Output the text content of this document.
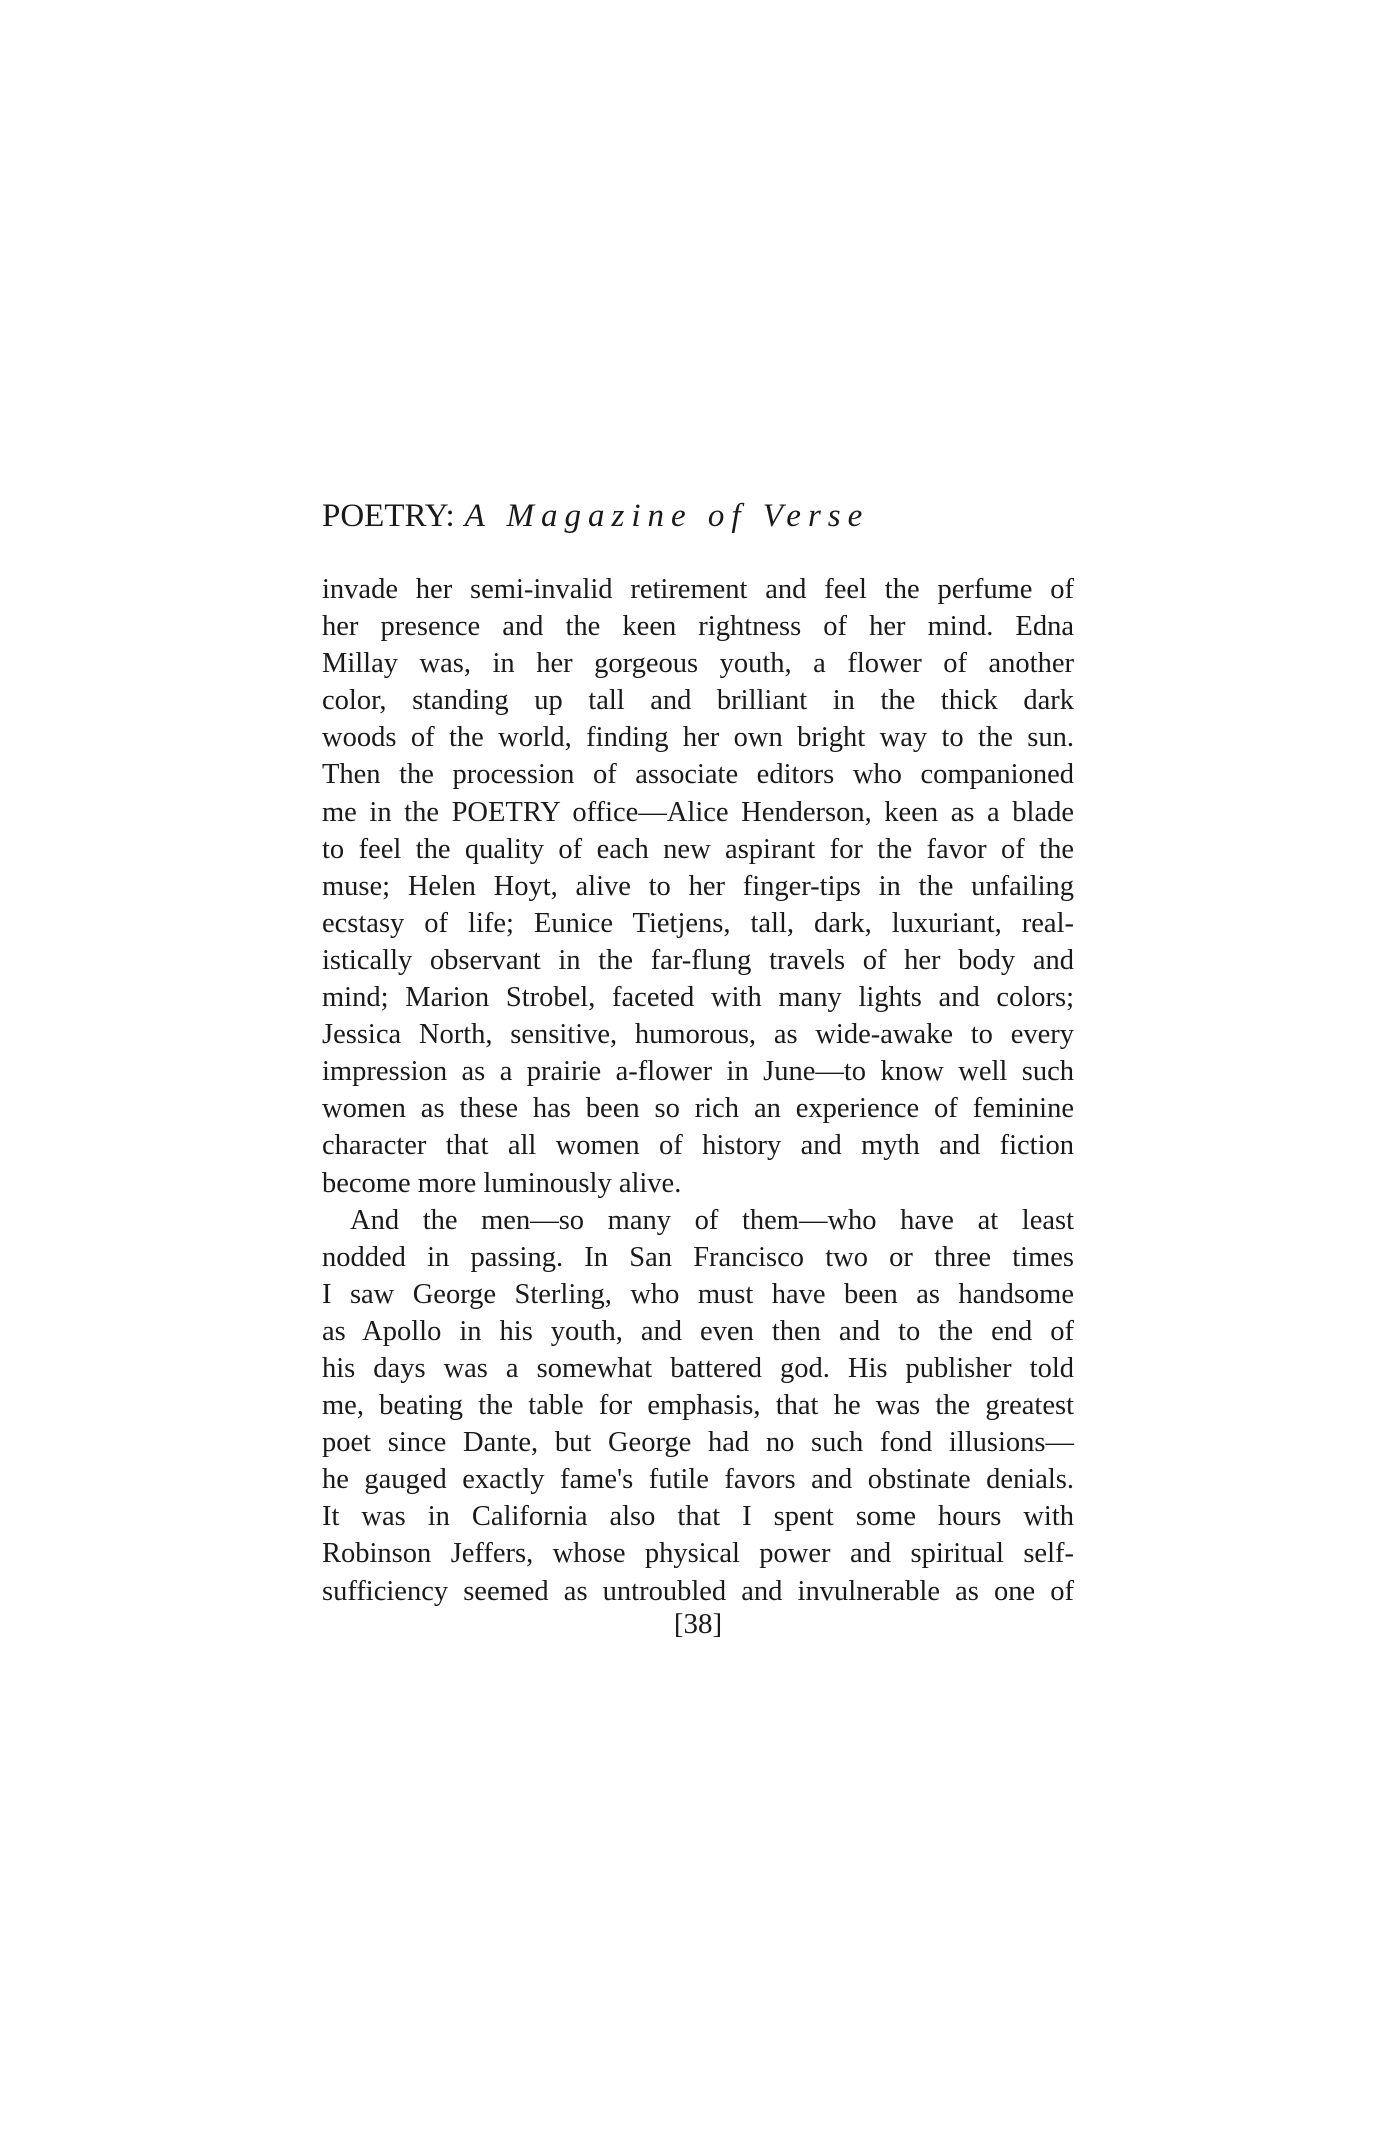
POETRY: A Magazine of Verse
invade her semi-invalid retirement and feel the perfume of
her presence and the keen rightness of her mind. Edna
Millay was, in her gorgeous youth, a flower of another
color, standing up tall and brilliant in the thick dark
woods of the world, finding her own bright way to the sun.
Then the procession of associate editors who companioned
me in the POETRY office—Alice Henderson, keen as a blade
to feel the quality of each new aspirant for the favor of the
muse; Helen Hoyt, alive to her finger-tips in the unfailing
ecstasy of life; Eunice Tietjens, tall, dark, luxuriant, real-
istically observant in the far-flung travels of her body and
mind; Marion Strobel, faceted with many lights and colors;
Jessica North, sensitive, humorous, as wide-awake to every
impression as a prairie a-flower in June—to know well such
women as these has been so rich an experience of feminine
character that all women of history and myth and fiction
become more luminously alive.
And the men—so many of them—who have at least
nodded in passing. In San Francisco two or three times
I saw George Sterling, who must have been as handsome
as Apollo in his youth, and even then and to the end of
his days was a somewhat battered god. His publisher told
me, beating the table for emphasis, that he was the greatest
poet since Dante, but George had no such fond illusions—
he gauged exactly fame's futile favors and obstinate denials.
It was in California also that I spent some hours with
Robinson Jeffers, whose physical power and spiritual self-
sufficiency seemed as untroubled and invulnerable as one of
[38]
